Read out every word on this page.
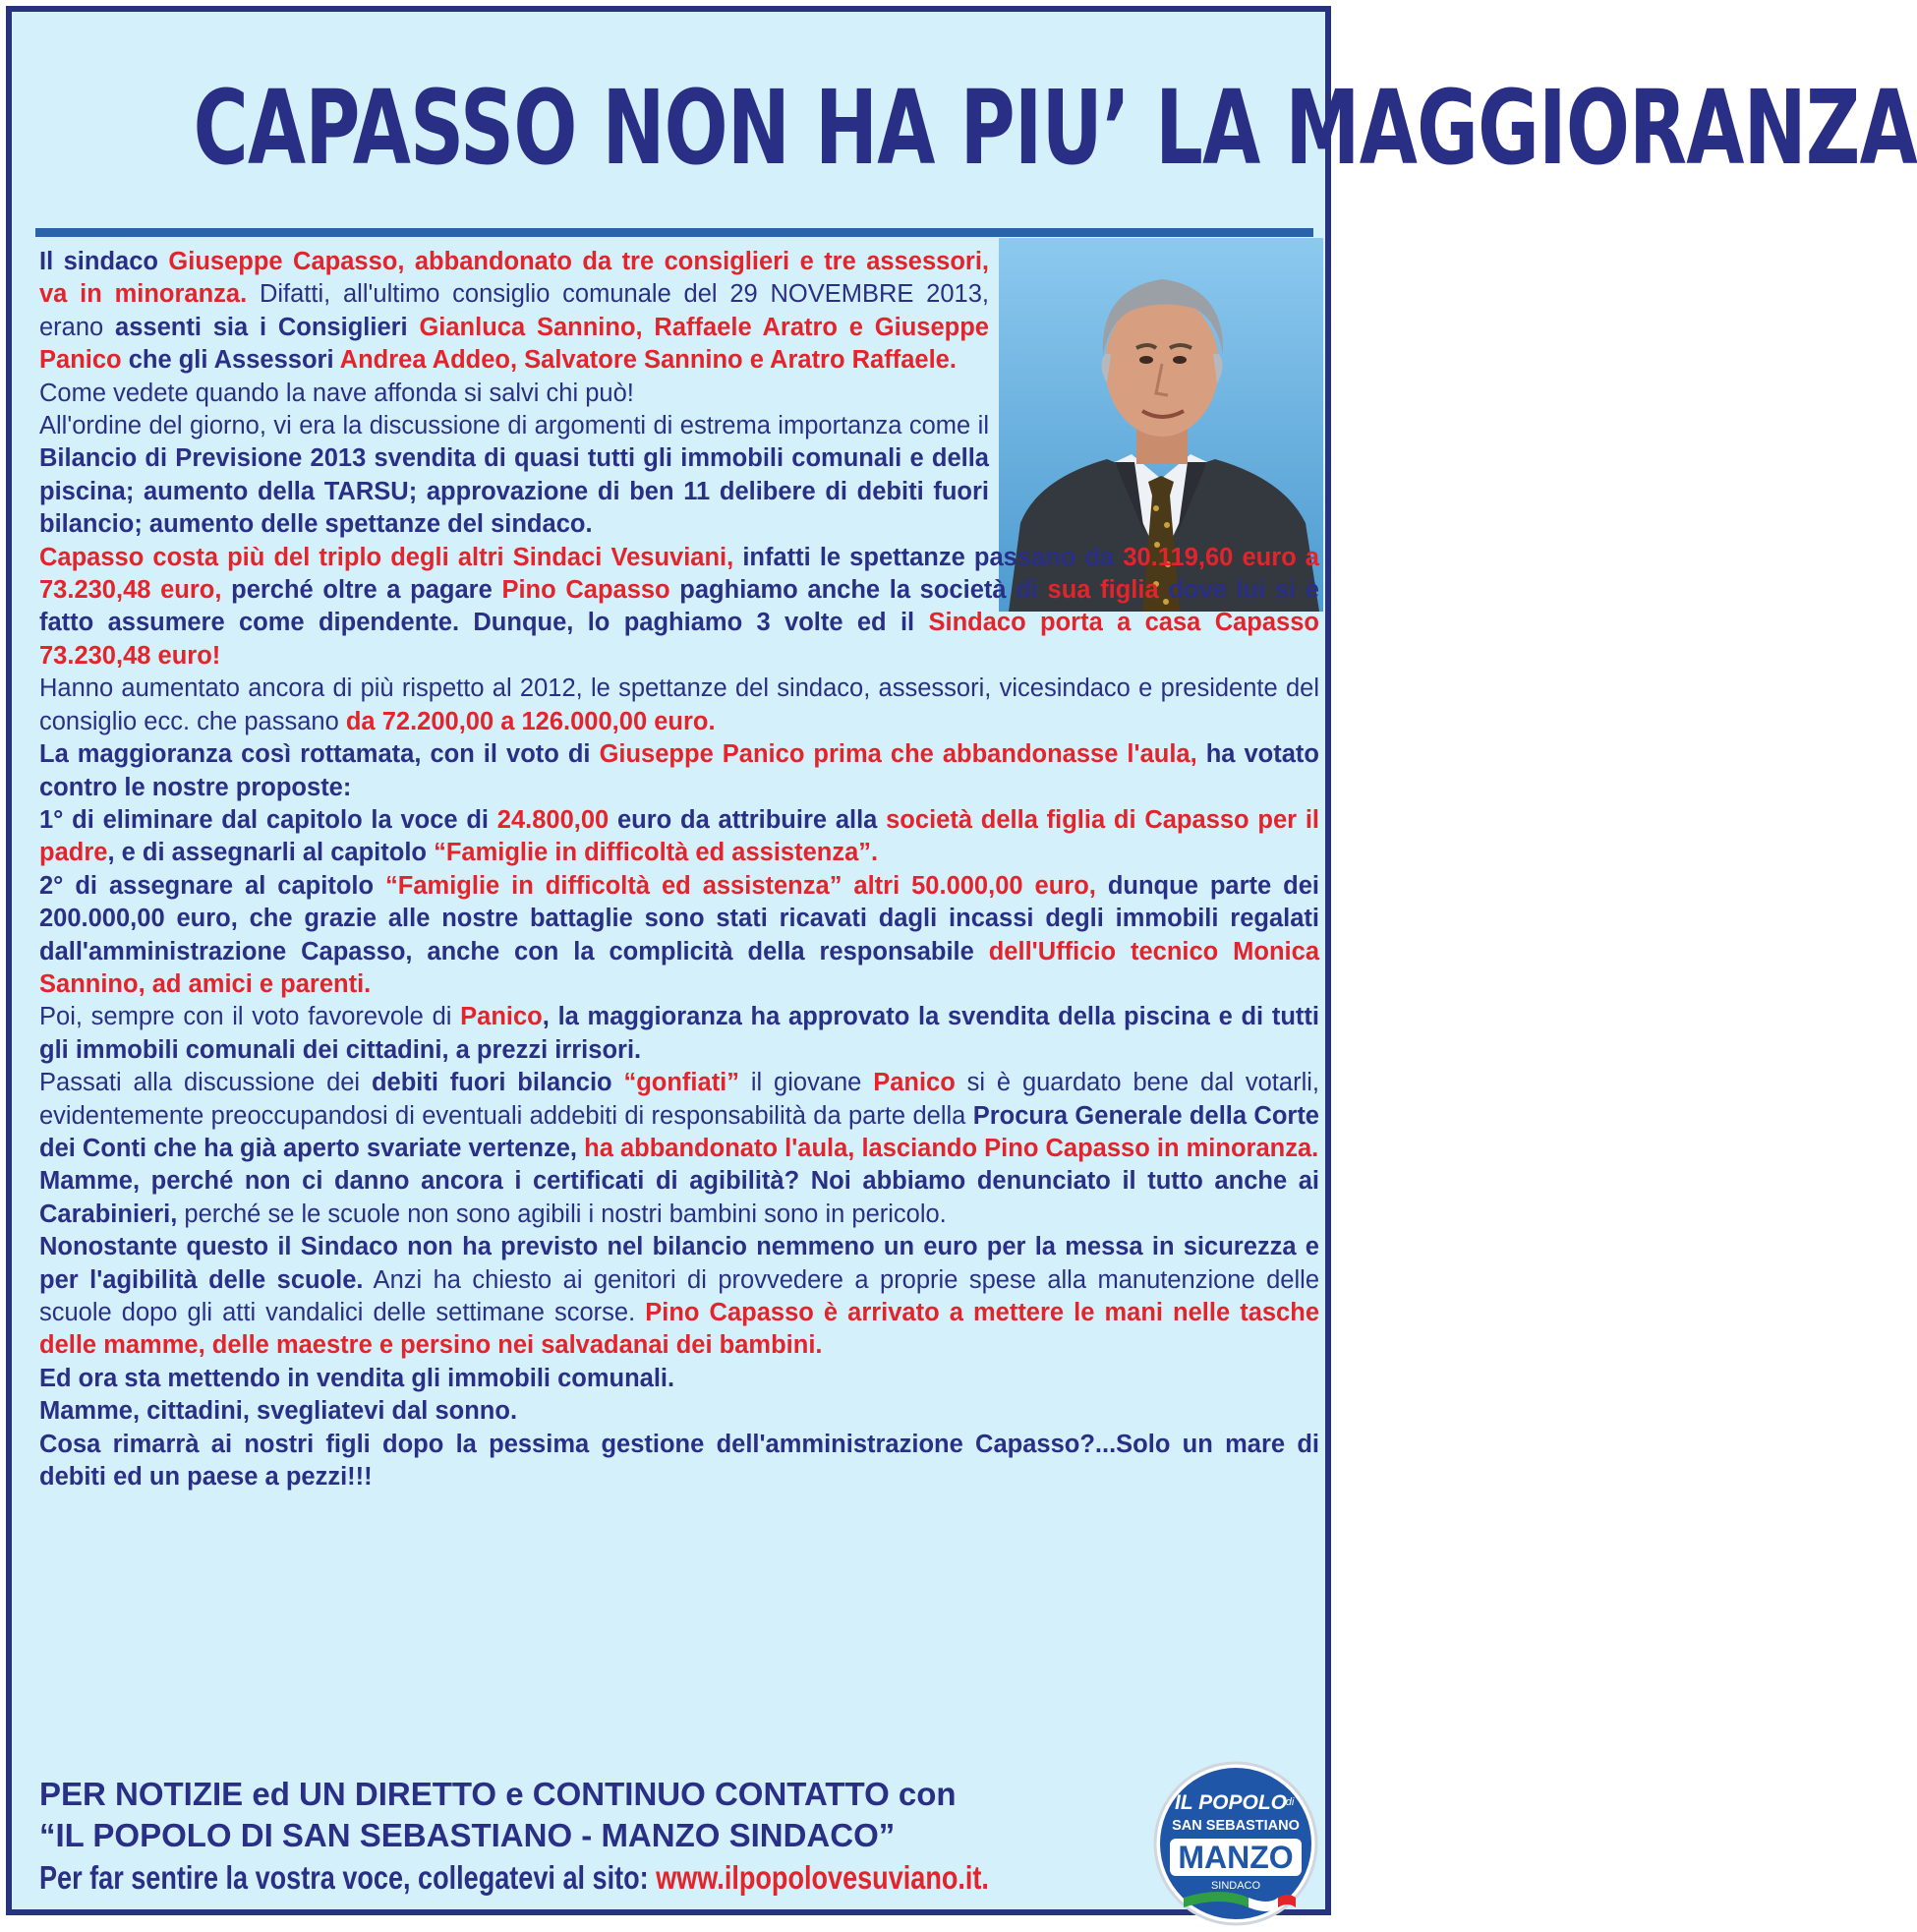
CAPASSO NON HA PIU’ LA MAGGIORANZA

Il sindaco Giuseppe Capasso, abbandonato da tre consiglieri e tre assessori, va in minoranza. Difatti, all'ultimo consiglio comunale del 29 NOVEMBRE 2013, erano assenti sia i Consiglieri Gianluca Sannino, Raffaele Aratro e Giuseppe Panico che gli Assessori Andrea Addeo, Salvatore Sannino e Aratro Raffaele.

Come vedete quando la nave affonda si salvi chi può!

All'ordine del giorno, vi era la discussione di argomenti di estrema importanza come il Bilancio di Previsione 2013 svendita di quasi tutti gli immobili comunali e della piscina; aumento della TARSU; approvazione di ben 11 delibere di debiti fuori bilancio; aumento delle spettanze del sindaco.

Capasso costa più del triplo degli altri Sindaci Vesuviani, infatti le spettanze passano da 30.119,60 euro a 73.230,48 euro, perché oltre a pagare Pino Capasso paghiamo anche la società di sua figlia dove lui si è fatto assumere come dipendente. Dunque, lo paghiamo 3 volte ed il Sindaco porta a casa Capasso 73.230,48 euro!

Hanno aumentato ancora di più rispetto al 2012, le spettanze del sindaco, assessori, vicesindaco e presidente del consiglio ecc. che passano da 72.200,00 a 126.000,00 euro.

La maggioranza così rottamata, con il voto di Giuseppe Panico prima che abbandonasse l'aula, ha votato contro le nostre proposte:

1° di eliminare dal capitolo la voce di 24.800,00 euro da attribuire alla società della figlia di Capasso per il padre, e di assegnarli al capitolo “Famiglie in difficoltà ed assistenza”.

2° di assegnare al capitolo “Famiglie in difficoltà ed assistenza” altri 50.000,00 euro, dunque parte dei 200.000,00 euro, che grazie alle nostre battaglie sono stati ricavati dagli incassi degli immobili regalati dall'amministrazione Capasso, anche con la complicità della responsabile dell'Ufficio tecnico Monica Sannino, ad amici e parenti.

Poi, sempre con il voto favorevole di Panico, la maggioranza ha approvato la svendita della piscina e di tutti gli immobili comunali dei cittadini, a prezzi irrisori.

Passati alla discussione dei debiti fuori bilancio “gonfiati” il giovane Panico si è guardato bene dal votarli, evidentemente preoccupandosi di eventuali addebiti di responsabilità da parte della Procura Generale della Corte dei Conti che ha già aperto svariate vertenze, ha abbandonato l'aula, lasciando Pino Capasso in minoranza.

Mamme, perché non ci danno ancora i certificati di agibilità? Noi abbiamo denunciato il tutto anche ai Carabinieri, perché se le scuole non sono agibili i nostri bambini sono in pericolo.

Nonostante questo il Sindaco non ha previsto nel bilancio nemmeno un euro per la messa in sicurezza e per l'agibilità delle scuole. Anzi ha chiesto ai genitori di provvedere a proprie spese alla manutenzione delle scuole dopo gli atti vandalici delle settimane scorse. Pino Capasso è arrivato a mettere le mani nelle tasche delle mamme, delle maestre e persino nei salvadanai dei bambini.

Ed ora sta mettendo in vendita gli immobili comunali.

Mamme, cittadini, svegliatevi dal sonno.

Cosa rimarrà ai nostri figli dopo la pessima gestione dell'amministrazione Capasso?...Solo un mare di debiti ed un paese a pezzi!!!

PER NOTIZIE ed UN DIRETTO e CONTINUO CONTATTO con
“IL POPOLO DI SAN SEBASTIANO - MANZO SINDACO”
Per far sentire la vostra voce, collegatevi al sito: www.ilpopolovesuviano.it.
IL POPOLO
di
SAN SEBASTIANO
MANZO
SINDACO
